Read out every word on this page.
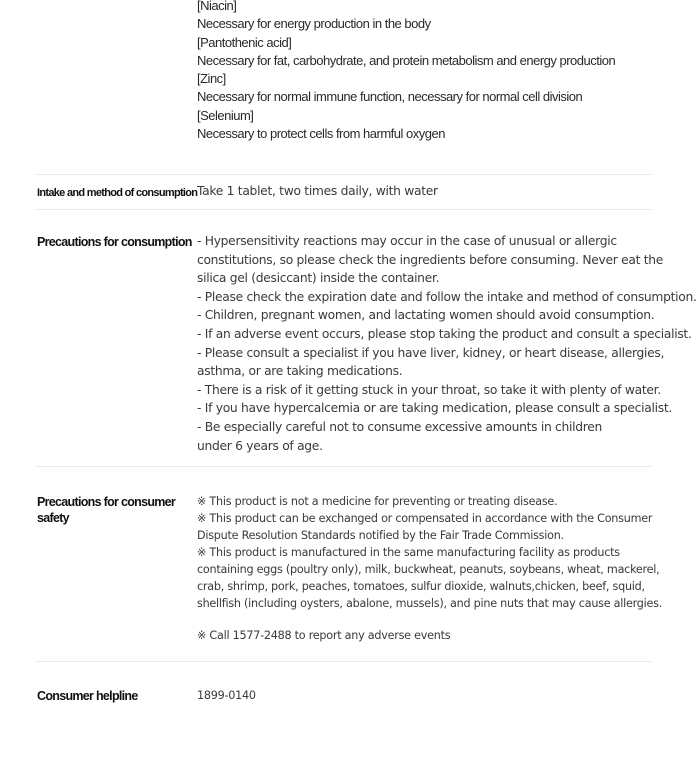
[Niacin]
Necessary for energy production in the body
[Pantothenic acid]
Necessary for fat, carbohydrate, and protein metabolism and energy production
[Zinc]
Necessary for normal immune function, necessary for normal cell division
[Selenium]
Necessary to protect cells from harmful oxygen
Intake and method of consumption Take 1 tablet, two times daily, with water
Precautions for consumption - Hypersensitivity reactions may occur in the case of unusual or allergic
constitutions, so please check the ingredients before consuming. Never eat the
silica gel (desiccant) inside the container.
- Please check the expiration date and follow the intake and method of consumption.
- Children, pregnant women, and lactating women should avoid consumption.
- If an adverse event occurs, please stop taking the product and consult a specialist.
- Please consult a specialist if you have liver, kidney, or heart disease, allergies,
asthma, or are taking medications.
- There is a risk of it getting stuck in your throat, so take it with plenty of water.
- If you have hypercalcemia or are taking medication, please consult a specialist.
- Be especially careful not to consume excessive amounts in children
under 6 years of age.
Precautions for consumer
safety
※ This product is not a medicine for preventing or treating disease.
※ This product can be exchanged or compensated in accordance with the Consumer
Dispute Resolution Standards notified by the Fair Trade Commission.
※ This product is manufactured in the same manufacturing facility as products
containing eggs (poultry only), milk, buckwheat, peanuts, soybeans, wheat, mackerel,
crab, shrimp, pork, peaches, tomatoes, sulfur dioxide, walnuts,chicken, beef, squid,
shellfish (including oysters, abalone, mussels), and pine nuts that may cause allergies.
※ Call 1577-2488 to report any adverse events
Consumer helpline	1899-0140
